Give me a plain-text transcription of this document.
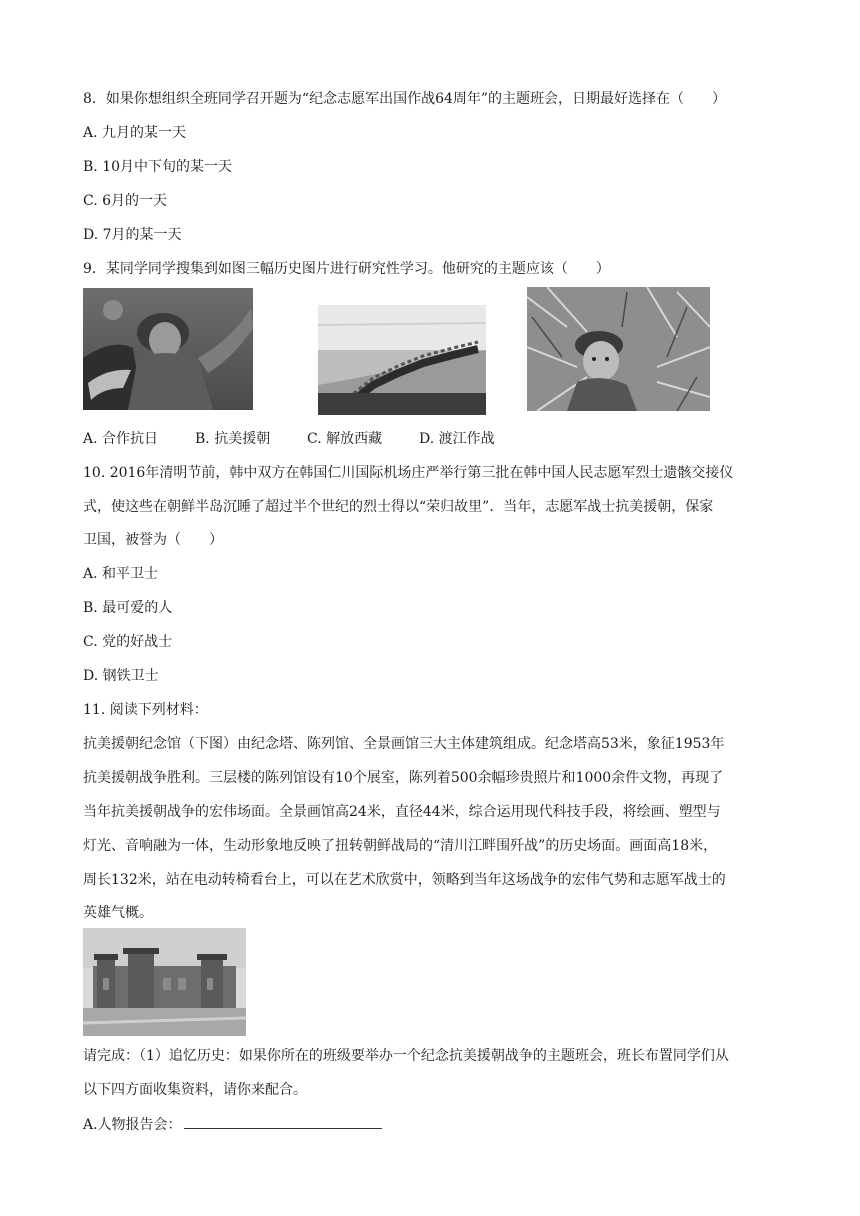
8．如果你想组织全班同学召开题为“纪念志愿军出国作战64周年”的主题班会，日期最好选择在（　　）
A. 九月的某一天
B. 10月中下旬的某一天
C. 6月的一天
D. 7月的某一天
9．某同学同学搜集到如图三幅历史图片进行研究性学习。他研究的主题应该（　　）
A. 合作抗日	B. 抗美援朝	C. 解放西藏	D. 渡江作战
10. 2016年清明节前，韩中双方在韩国仁川国际机场庄严举行第三批在韩中国人民志愿军烈士遗骸交接仪
式，使这些在朝鲜半岛沉睡了超过半个世纪的烈士得以“荣归故里”．当年，志愿军战士抗美援朝，保家
卫国，被誉为（　　）
A. 和平卫士
B. 最可爱的人
C. 党的好战士
D. 钢铁卫士
11. 阅读下列材料：
抗美援朝纪念馆（下图）由纪念塔、陈列馆、全景画馆三大主体建筑组成。纪念塔高53米，象征1953年
抗美援朝战争胜利。三层楼的陈列馆设有10个展室，陈列着500余幅珍贵照片和1000余件文物，再现了
当年抗美援朝战争的宏伟场面。全景画馆高24米，直径44米，综合运用现代科技手段，将绘画、塑型与
灯光、音响融为一体，生动形象地反映了扭转朝鲜战局的“清川江畔围歼战”的历史场面。画面高18米，
周长132米，站在电动转椅看台上，可以在艺术欣赏中，领略到当年这场战争的宏伟气势和志愿军战士的
英雄气概。
请完成：（1）追忆历史：如果你所在的班级要举办一个纪念抗美援朝战争的主题班会，班长布置同学们从
以下四方面收集资料，请你来配合。
A.人物报告会：
